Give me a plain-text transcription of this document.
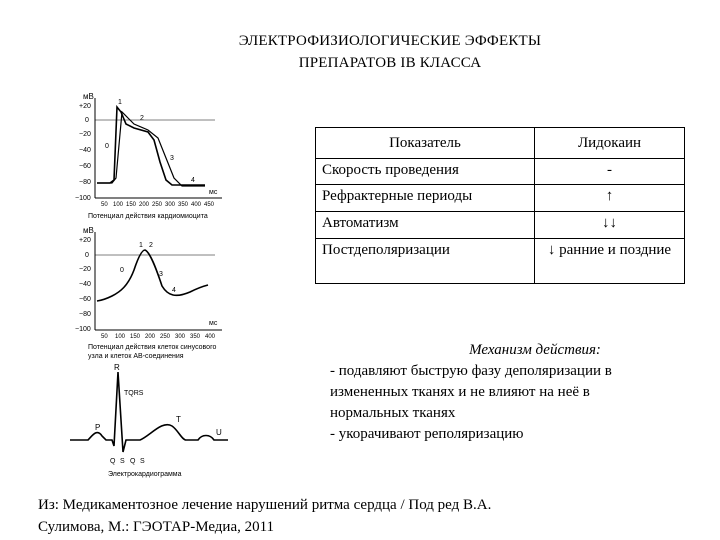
ЭЛЕКТРОФИЗИОЛОГИЧЕСКИЕ ЭФФЕКТЫ
ПРЕПАРАТОВ IB КЛАССА
мВ
+20
0
−20
−40
−60
−80
−100
мс
50 100 150 200 250 300 350 400 450
1
2
0
3
4
Потенциал действия кардиомиоцита
мВ
+20
0
−20
−40
−60
−80
−100
мс
50 100 150 200 250 300 350 400
1 2
0
3
4
Потенциал действия клеток синусового
узла и клеток АВ-соединения
R
ТQRS
P
T
U
Q S Q S
Электрокардиограмма
Показатель	Лидокаин
Скорость проведения	-
Рефрактерные периоды	↑
Автоматизм	↓↓
Постдеполяризации	↓ ранние и поздние
Механизм действия:
- подавляют быструю фазу деполяризации в
измененных тканях и не влияют на неё в
нормальных тканях
- укорачивают реполяризацию
Из: Медикаментозное лечение нарушений ритма сердца / Под ред В.А.
Сулимова, М.: ГЭОТАР-Медиа, 2011
